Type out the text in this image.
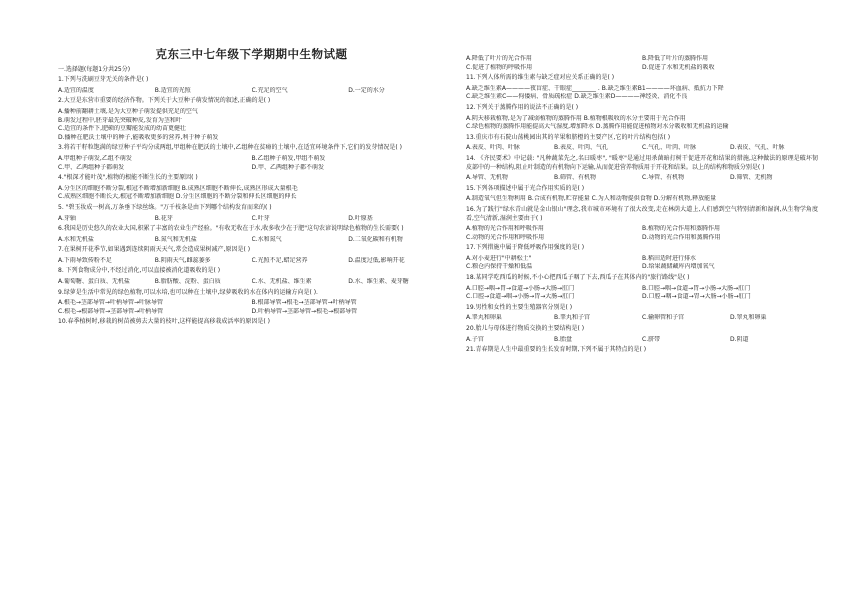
克东三中七年级下学期期中生物试题
一.选择题(每题1分共25分)
1.下列与洗刷豆芽无关的条件是( )
A.适宜的温度	B.适宜的光照	C.充足的空气	D.一定的水分
2.大豆是东营市重要的经济作物。下列关于大豆种子萌发情况的叙述,正确的是( )
A.播种前翻耕土壤,是为大豆种子萌发提供充足的空气
B.萌发过程中,胚芽最先突破种皮,发育为茎和叶
C.适宜的条件下,肥硕的豆瓣能发成的幼苗更健壮
D.播种在肥沃土壤中的种子,能吸收更多的营养,利于种子萌发
3.将若干籽粒饱满的绿豆种子平均分成两组,甲组种在肥沃的土壤中,乙组种在贫瘠的土壤中,在适宜环境条件下,它们的发芽情况是( )
A.甲组种子萌发,乙组不萌发	B.乙组种子萌发,甲组不萌发
C.甲、乙两组种子都萌发	D.甲、乙两组种子都不萌发
4."根深才能叶茂",植物的根能不断生长的主要原因( )
A.分生区的细胞不断分裂,根冠不断增加新细胞 B.成熟区细胞不断伸长,成熟区形成大量根毛
C.成熟区细胞不断长大,根冠不断增加新细胞 D.分生区细胞的不断分裂和伸长区细胞的伸长
5. "碧玉妆成一树高,万条垂下绿丝绦。"万千枝条是由下列哪个结构发育而来的( )
A.芽轴	B.花芽	C.叶芽	D.叶原基
6.我国是历史悠久的农业大国,积累了丰富的农业生产经验。"有收无收在于水,收多收少在于肥"这句农谚说明绿色植物的生长需要( )
A.水和无机盐	B.氮气和无机盐	C.水和氮气	D.二氧化碳和有机物
7.在果树开花季节,如果遇到连续阴雨天天气,常会造成果树减产,原因是( )
A.下雨导致传粉不足	B.阴雨天气,雌蕊萎多	C.光照不足,蜡足营养	D.温度过低,影响开花
8. 下列食物成分中,不经过消化,可以直接被消化道吸收的是( )
A.葡萄糖、蛋白质、无机盐	B.脂肪酸、淀粉、蛋白质	C.水、无机盐、维生素	D.水、维生素、麦芽糖
9.绿萝是生活中常见的绿色植物,可以水培,也可以种在土壤中,绿萝吸收的水在体内的运输方向是( ).
A.根毛→茎部导管→叶柄导管→叶脉导管	B.根部导管→根毛→茎部导管→叶柄导管
C.根毛→根部导管→茎部导管→叶柄导管	D.叶柄导管→茎部导管→根毛→根部导管
10.春季植树时,移栽的树苗被剪去大量的枝叶,这样能提高移栽成活率的原因是( )
A.降低了叶片的光合作用	B.降低了叶片的蒸腾作用
C.促进了植物的呼吸作用	D.促进了水和无机盐的吸收
11.下列人体所需的维生素与缺乏症对应关系正确的是( )
A.缺乏维生素A————夜盲症、干眼症________ . B.缺乏维生素B1————坏血病、抵抗力下降
C.缺乏维生素C——佝偻病、骨质疏松症 D.缺乏维生素D————神经炎、消化不良
12.下列关于蒸腾作用的说法不正确的是( )
A.阴天移栽植物,是为了减弱植物的蒸腾作用 B.植物根吸收的水分主要用于光合作用
C.绿色植物的蒸腾作用能提高大气湿度,增加降水 D.蒸腾作用能促进植物对水分吸收和无机盐的运输
13.重庆市有石院山荡桃园出其的苹果和脐橙的主要产区,它的叶片结构包括( )
A.表皮、叶肉、叶脉	B.表皮、叶肉、气孔	C.气孔、叶肉、叶脉	D.表皮、气孔、叶脉
14. 《齐民要术》中记载: "凡种蔬菜先之,名曰暖枣", "暖枣"是通过用杀菌暗打树干促进开花和结果的措施,这种做法的原理是破坏韧皮部中的一种结构,阻止叶制造的有机物向下运输,从而促进营养物质用于开花和结果。以上的结构和物质分别是( )
A.导管、无机物	B.筛管、有机物	C.导管、有机物	D.筛管、无机物
15.下列各项描述中属于光合作用实质的是( )
A.制造氧气但生物利用 B.合成有机物,贮存能量 C.为人和动物提供食物 D.分解有机物,释放能量
16.为了践行"绿水青山就是金山银山"理念,我市城市环境有了很大改变,走在林荫大道上,人们感到空气特别清新和湿润,从生物学角度看,空气清新,湿润主要由于( )
A.植物的光合作用和呼吸作用	B.植物的光合作用和蒸腾作用
C.动物的光合作用和呼吸作用	D.动物的光合作用和蒸腾作用
17.下列措施中属于降低呼吸作用强度的是( )
A.对小麦进行"中耕松土"	B.稻田适时进行排水
C.粮仓内保持干燥和低温	D.给果蔬储藏库内增加氧气
18.某同学吃西瓜的时候,不小心把西瓜子咽了下去,西瓜子在其体内的"旅行路线"是( )
A.口腔→咽→胃→食道→小肠→大肠→肛门	B.口腔→咽→食道→胃→小肠→大肠→肛门
C.口腔→食道→咽→小肠→胃→大肠→肛门	D.口腔→咽→食道→胃→大肠→小肠→肛门
19.男性和女性的主要生殖器官分别是( )
A.睾丸和卵巢	B.睾丸和子宫	C.输卵管和子宫	D.睾丸和卵巢
20.胎儿与母体进行物质交换的主要结构是( )
A.子宫	B.胎盘	C.脐带	D.阴道
21.青春期是人生中最重要的生长发育时期,下列不属于其特点的是( )
